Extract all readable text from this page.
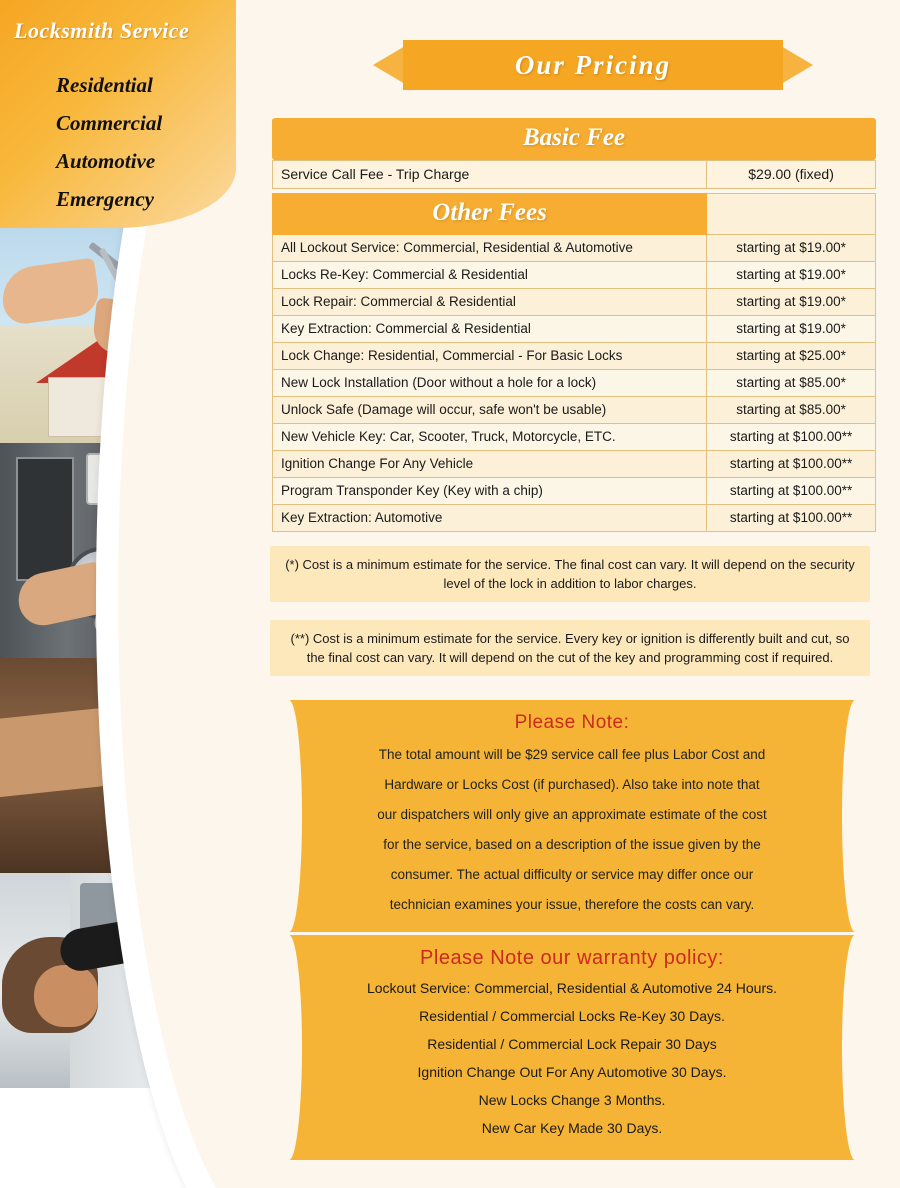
Locksmith Service
Residential
Commercial
Automotive
Emergency
Our Pricing
Basic Fee
Service Call Fee - Trip Charge	$29.00 (fixed)
Other Fees	
All Lockout Service: Commercial, Residential & Automotive	starting at $19.00*
Locks Re-Key: Commercial & Residential	starting at $19.00*
Lock Repair: Commercial & Residential	starting at $19.00*
Key Extraction: Commercial & Residential	starting at $19.00*
Lock Change: Residential, Commercial - For Basic Locks	starting at $25.00*
New Lock Installation (Door without a hole for a lock)	starting at $85.00*
Unlock Safe (Damage will occur, safe won't be usable)	starting at $85.00*
New Vehicle Key: Car, Scooter, Truck, Motorcycle, ETC.	starting at $100.00**
Ignition Change For Any Vehicle	starting at $100.00**
Program Transponder Key (Key with a chip)	starting at $100.00**
Key Extraction: Automotive	starting at $100.00**
(*) Cost is a minimum estimate for the service. The final cost can vary. It will depend on the security level of the lock in addition to labor charges.
(**) Cost is a minimum estimate for the service. Every key or ignition is differently built and cut, so the final cost can vary. It will depend on the cut of the key and programming cost if required.
Please Note:

The total amount will be $29 service call fee plus Labor Cost and

Hardware or Locks Cost (if purchased). Also take into note that

our dispatchers will only give an approximate estimate of the cost

for the service, based on a description of the issue given by the

consumer. The actual difficulty or service may differ once our

technician examines your issue, therefore the costs can vary.

Please Note our warranty policy:
Lockout Service: Commercial, Residential & Automotive 24 Hours.
Residential / Commercial Locks Re-Key 30 Days.
Residential / Commercial Lock Repair 30 Days
Ignition Change Out For Any Automotive 30 Days.
New Locks Change 3 Months.
New Car Key Made 30 Days.
